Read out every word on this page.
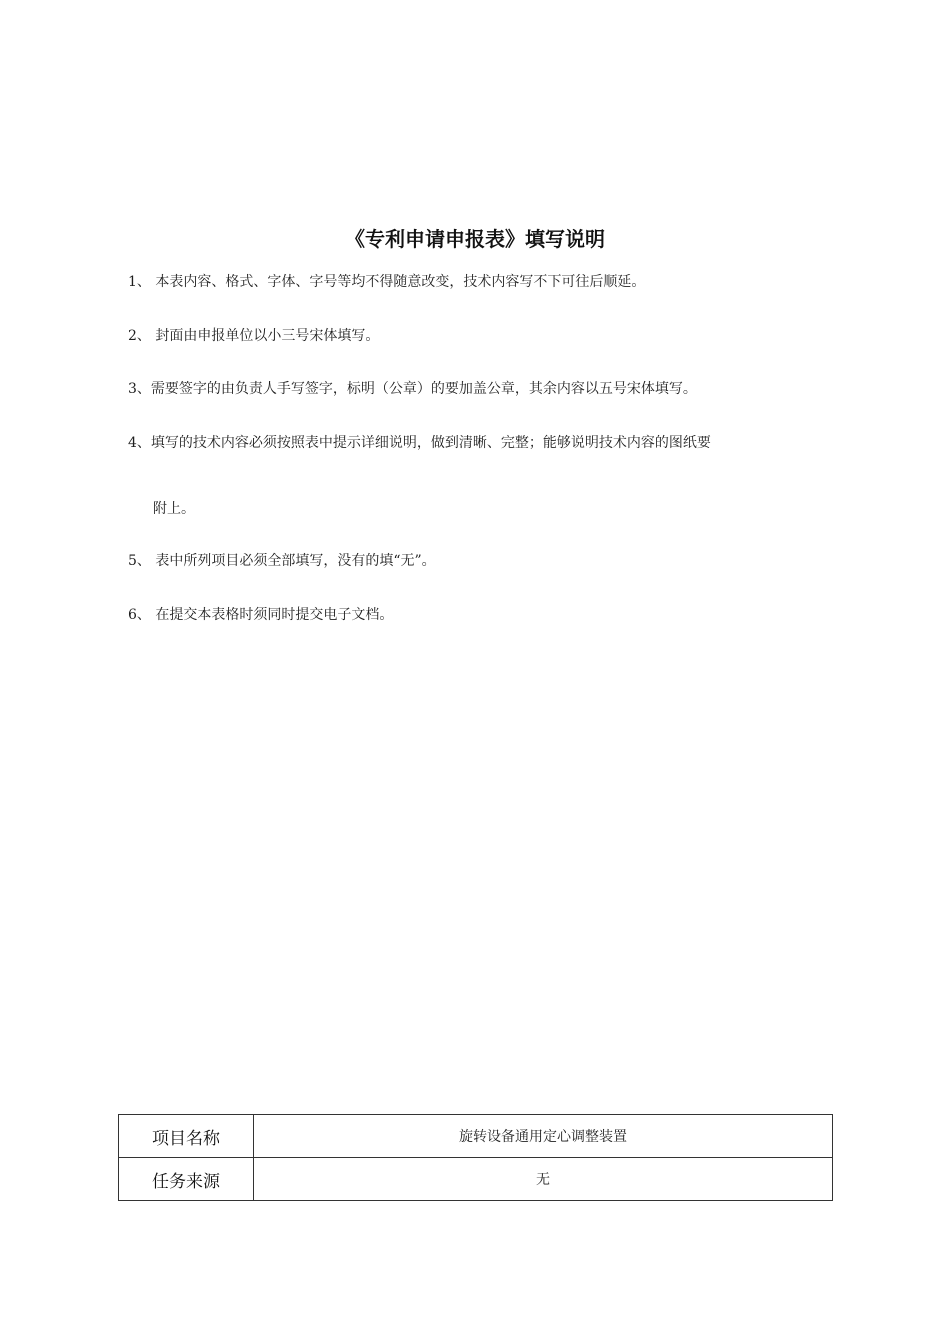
《专利申请申报表》填写说明
1、 本表内容、格式、字体、字号等均不得随意改变，技术内容写不下可往后顺延。
2、 封面由申报单位以小三号宋体填写。
3、需要签字的由负责人手写签字，标明（公章）的要加盖公章，其余内容以五号宋体填写。
4、填写的技术内容必须按照表中提示详细说明，做到清晰、完整；能够说明技术内容的图纸要
附上。
5、 表中所列项目必须全部填写，没有的填“无”。
6、 在提交本表格时须同时提交电子文档。
项目名称	旋转设备通用定心调整装置
任务来源	无
